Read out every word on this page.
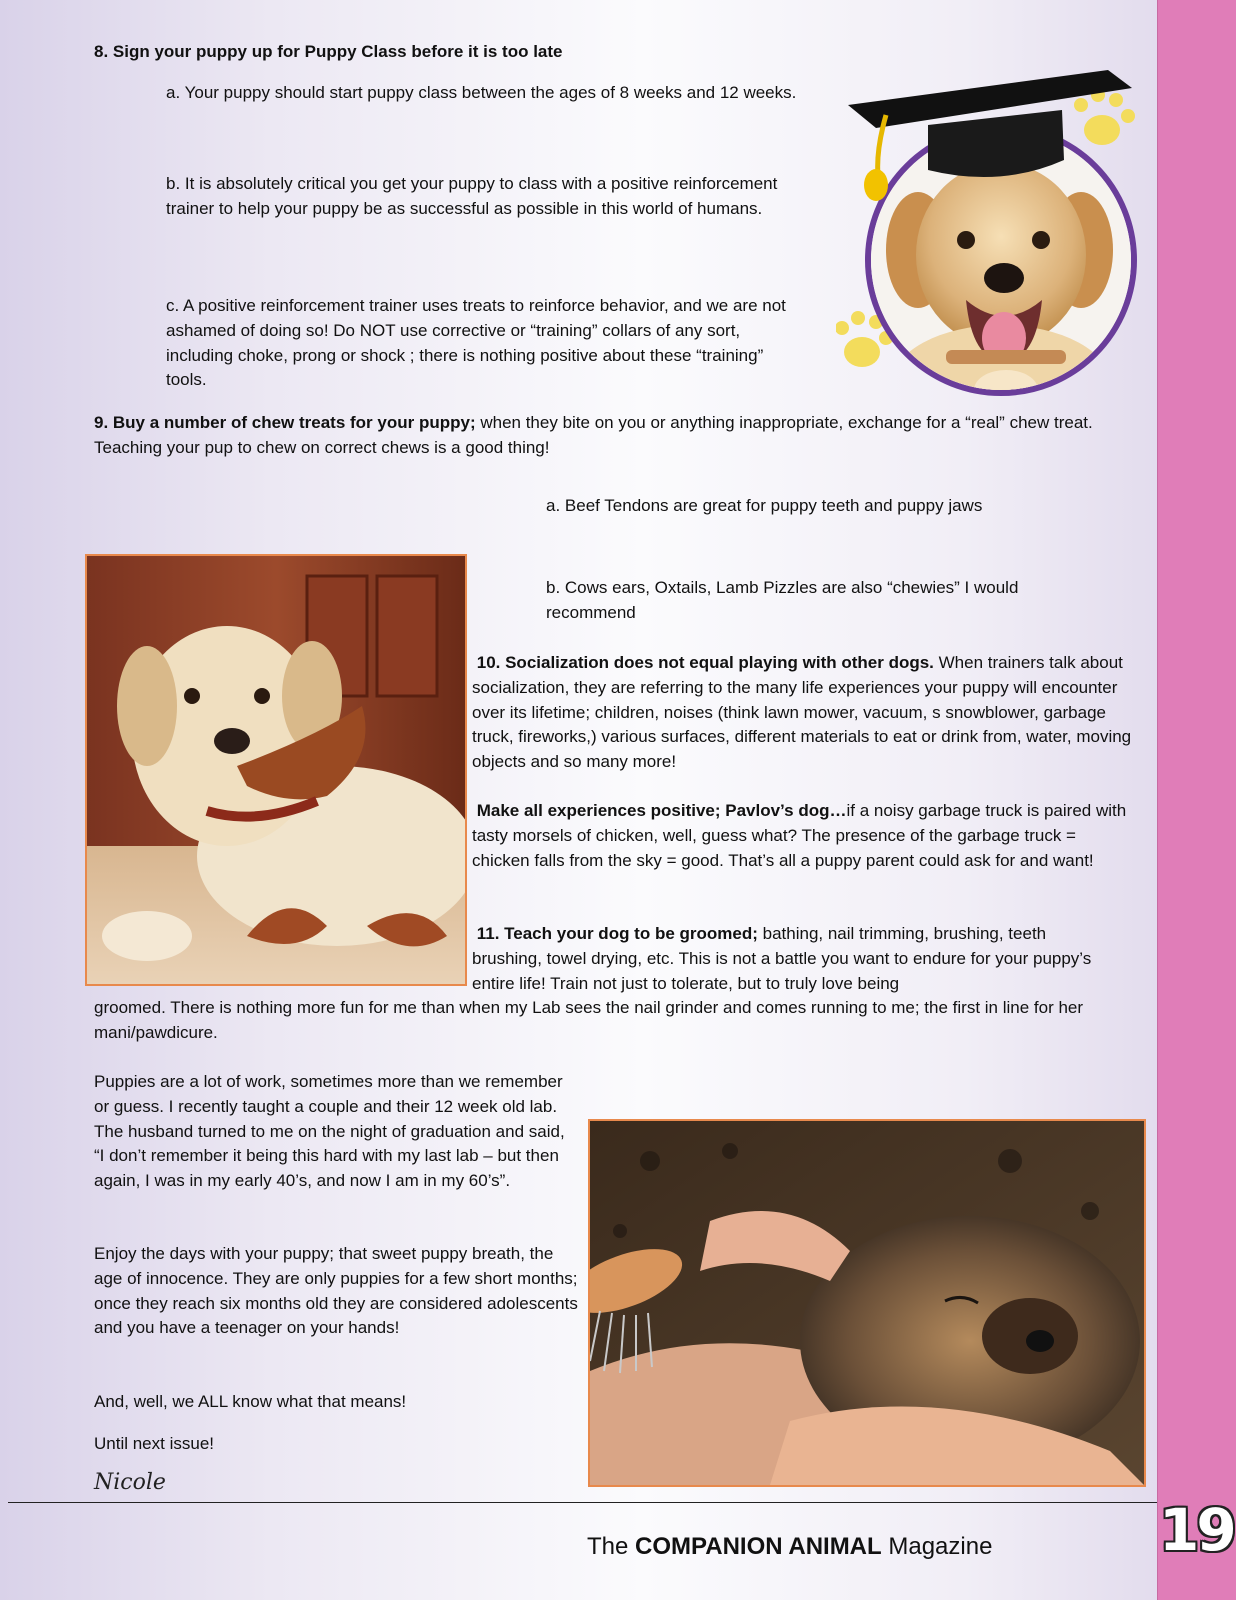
8. Sign your puppy up for Puppy Class before it is too late

a. Your puppy should start puppy class between the ages of 8 weeks and 12 weeks.

b. It is absolutely critical you get your puppy to class with a positive reinforcement trainer to help your puppy be as successful as possible in this world of humans.

c. A positive reinforcement trainer uses treats to reinforce behavior, and we are not ashamed of doing so! Do NOT use corrective or “training” collars of any sort, including choke, prong or shock ; there is nothing positive about these “training” tools.

9. Buy a number of chew treats for your puppy; when they bite on you or anything inappropriate, exchange for a “real” chew treat. Teaching your pup to chew on correct chews is a good thing!

a. Beef Tendons are great for puppy teeth and puppy jaws

b. Cows ears, Oxtails, Lamb Pizzles are also “chewies” I would recommend

10. Socialization does not equal playing with other dogs. When trainers talk about socialization, they are referring to the many life experiences your puppy will encounter over its lifetime; children, noises (think lawn mower, vacuum, s snowblower, garbage truck, fireworks,) various surfaces, different materials to eat or drink from, water, moving objects and so many more!

Make all experiences positive; Pavlov’s dog…if a noisy garbage truck is paired with tasty morsels of chicken, well, guess what? The presence of the garbage truck = chicken falls from the sky = good. That’s all a puppy parent could ask for and want!

11. Teach your dog to be groomed; bathing, nail trimming, brushing, teeth brushing, towel drying, etc. This is not a battle you want to endure for your puppy’s entire life! Train not just to tolerate, but to truly love being

groomed. There is nothing more fun for me than when my Lab sees the nail grinder and comes running to me; the first in line for her mani/pawdicure.

Puppies are a lot of work, sometimes more than we remember or guess. I recently taught a couple and their 12 week old lab. The husband turned to me on the night of graduation and said, “I don’t remember it being this hard with my last lab – but then again, I was in my early 40’s, and now I am in my 60’s”.

Enjoy the days with your puppy; that sweet puppy breath, the age of innocence. They are only puppies for a few short months; once they reach six months old they are considered adolescents and you have a teenager on your hands!

And, well, we ALL know what that means!

Until next issue!

Nicole
The COMPANION ANIMAL Magazine	19
